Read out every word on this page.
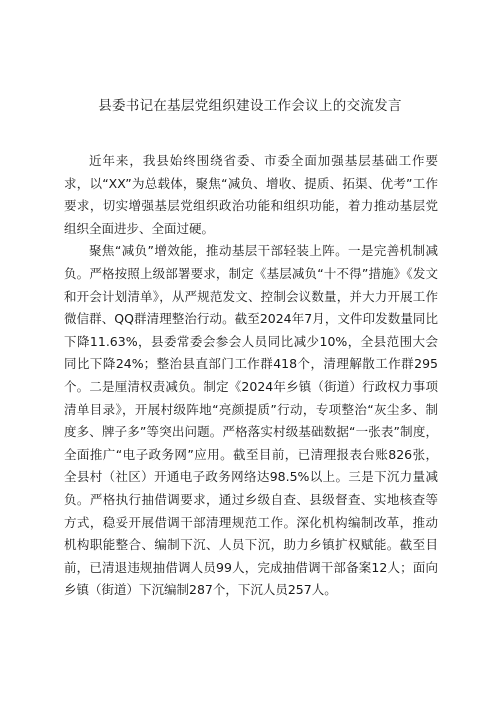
县委书记在基层党组织建设工作会议上的交流发言

近年来，我县始终围绕省委、市委全面加强基层基础工作要求，以“XX”为总载体，聚焦“减负、增收、提质、拓渠、优考”工作要求，切实增强基层党组织政治功能和组织功能，着力推动基层党组织全面进步、全面过硬。

聚焦“减负”增效能，推动基层干部轻装上阵。一是完善机制减负。严格按照上级部署要求，制定《基层减负“十不得”措施》《发文和开会计划清单》，从严规范发文、控制会议数量，并大力开展工作微信群、QQ群清理整治行动。截至2024年7月，文件印发数量同比下降11.63%，县委常委会参会人员同比减少10%，全县范围大会同比下降24%；整治县直部门工作群418个，清理解散工作群295个。二是厘清权责减负。制定《2024年乡镇（街道）行政权力事项清单目录》，开展村级阵地“亮颜提质”行动，专项整治“灰尘多、制度多、牌子多”等突出问题。严格落实村级基础数据“一张表”制度，全面推广“电子政务网”应用。截至目前，已清理报表台账826张，全县村（社区）开通电子政务网络达98.5%以上。三是下沉力量减负。严格执行抽借调要求，通过乡级自查、县级督查、实地核查等方式，稳妥开展借调干部清理规范工作。深化机构编制改革，推动机构职能整合、编制下沉、人员下沉，助力乡镇扩权赋能。截至目前，已清退违规抽借调人员99人，完成抽借调干部备案12人；面向乡镇（街道）下沉编制287个，下沉人员257人。
